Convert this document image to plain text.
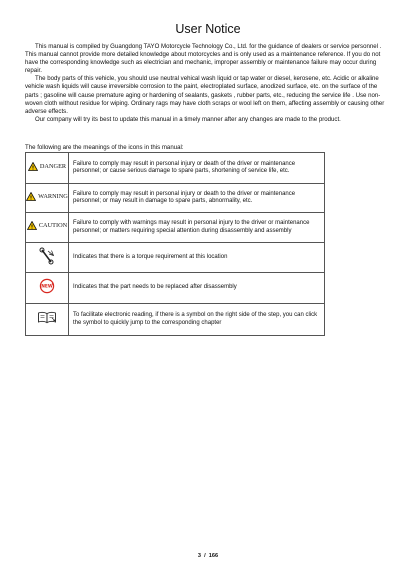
User Notice

This manual is compiled by Guangdong TAYO Motorcycle Technology Co., Ltd. for the guidance of dealers or service personnel . This manual cannot provide more detailed knowledge about motorcycles and is only used as a maintenance reference. If you do not have the corresponding knowledge such as electrician and mechanic, improper assembly or maintenance failure may occur during repair.

The body parts of this vehicle, you should use neutral vehical wash liquid or tap water or diesel, kerosene, etc. Acidic or alkaline vehicle wash liquids will cause irreversible corrosion to the paint, electroplated surface, anodized surface, etc. on the surface of the parts ; gasoline will cause premature aging or hardening of sealants, gaskets , rubber parts, etc., reducing the service life . Use non-woven cloth without residue for wiping. Ordinary rags may have cloth scraps or wool left on them, affecting assembly or causing other adverse effects.

Our company will try its best to update this manual in a timely manner after any changes are made to the product.

The following are the meanings of the icons in this manual:
! DANGER	Failure to comply may result in personal injury or death of the driver or maintenance personnel; or cause serious damage to spare parts, shortening of service life, etc.

! WARNING	Failure to comply may result in personal injury or death to the driver or maintenance personnel; or may result in damage to spare parts, abnormality, etc.

! CAUTION	Failure to comply with warnings may result in personal injury to the driver or maintenance personnel; or matters requiring special attention during disassembly and assembly
	Indicates that there is a torque requirement at this location

NEW	Indicates that the part needs to be replaced after disassembly
	To facilitate electronic reading, if there is a symbol on the right side of the step, you can click the symbol to quickly jump to the corresponding chapter
3 / 166
